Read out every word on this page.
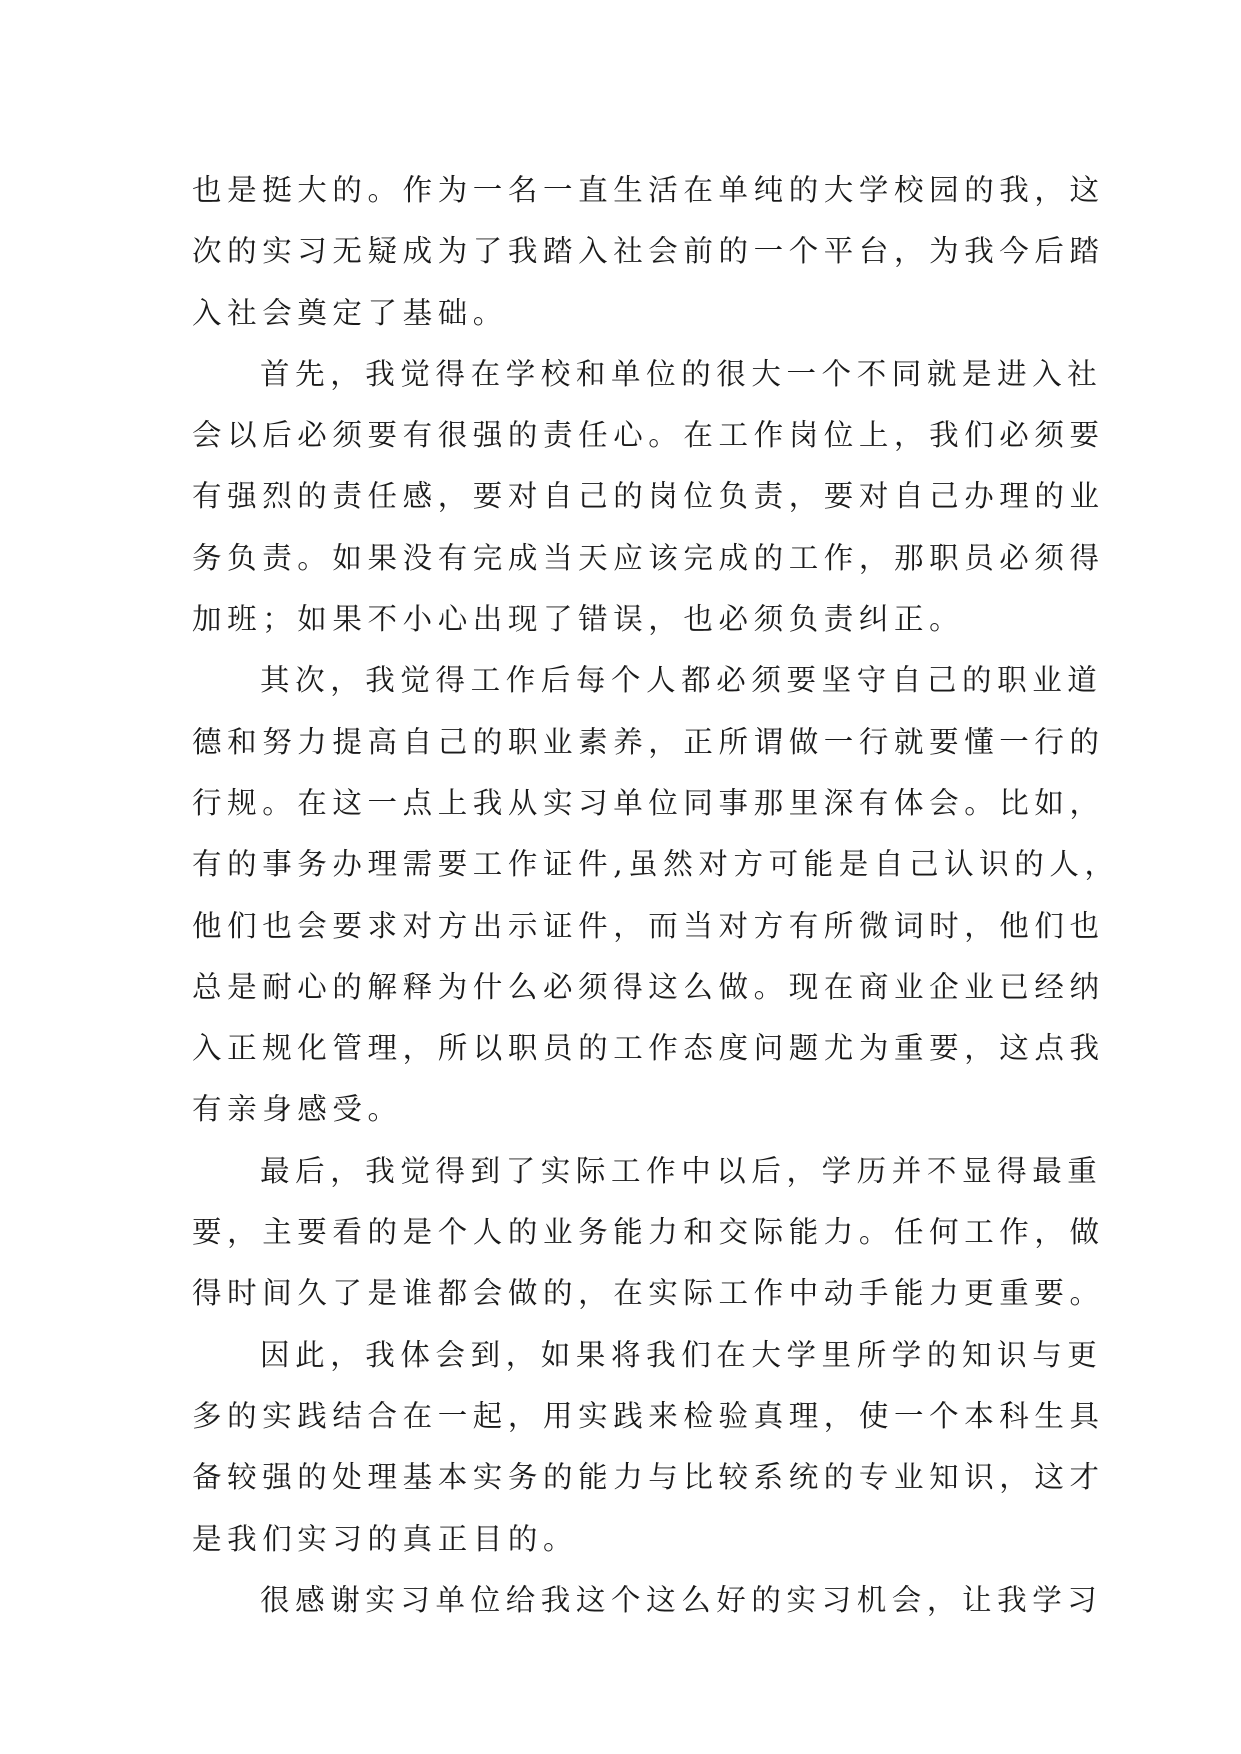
也是挺大的。作为一名一直生活在单纯的大学校园的我，这
次的实习无疑成为了我踏入社会前的一个平台，为我今后踏
入社会奠定了基础。
首先，我觉得在学校和单位的很大一个不同就是进入社
会以后必须要有很强的责任心。在工作岗位上，我们必须要
有强烈的责任感，要对自己的岗位负责，要对自己办理的业
务负责。如果没有完成当天应该完成的工作，那职员必须得
加班；如果不小心出现了错误，也必须负责纠正。
其次，我觉得工作后每个人都必须要坚守自己的职业道
德和努力提高自己的职业素养，正所谓做一行就要懂一行的
行规。在这一点上我从实习单位同事那里深有体会。比如，
有的事务办理需要工作证件,虽然对方可能是自己认识的人，
他们也会要求对方出示证件，而当对方有所微词时，他们也
总是耐心的解释为什么必须得这么做。现在商业企业已经纳
入正规化管理，所以职员的工作态度问题尤为重要，这点我
有亲身感受。
最后，我觉得到了实际工作中以后，学历并不显得最重
要，主要看的是个人的业务能力和交际能力。任何工作，做
得时间久了是谁都会做的，在实际工作中动手能力更重要。
因此，我体会到，如果将我们在大学里所学的知识与更
多的实践结合在一起，用实践来检验真理，使一个本科生具
备较强的处理基本实务的能力与比较系统的专业知识，这才
是我们实习的真正目的。
很感谢实习单位给我这个这么好的实习机会，让我学习
